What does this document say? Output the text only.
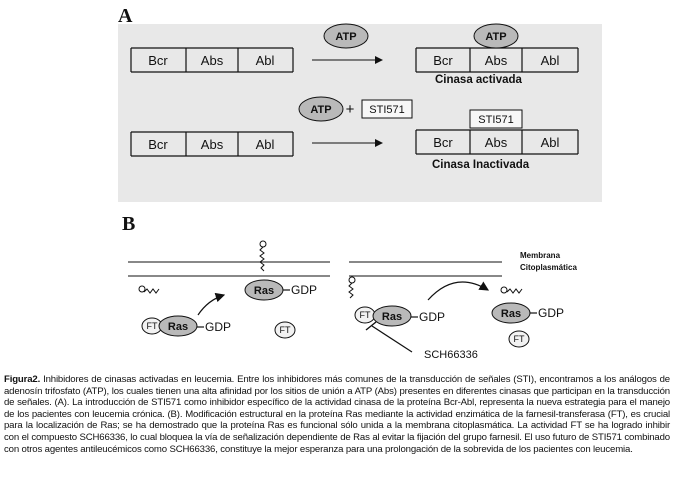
A
Bcr	Abs Abl
ATP
Bcr Abs	Abl
ATP
Cinasa activada
Bcr	Abs Abl
ATP + STI571
STI571
Bcr Abs	Abl
Cinasa Inactivada
B
Membrana
Citoplasmática
FT Ras GDP
Ras GDP
FT
FT Ras GDP
SCH66336
Ras GDP
FT
Figura2. Inhibidores de cinasas activadas en leucemia. Entre los inhibidores más comunes de la transducción de señales (STI), encontramos a los análogos de adenosín trifosfato (ATP), los cuales tienen una alta afinidad por los sitios de unión a ATP (Abs) presentes en diferentes cinasas que participan en la transducción de señales. (A). La introducción de STI571 como inhibidor específico de la actividad cinasa de la proteína Bcr-Abl, representa la nueva estrategia para el manejo de los pacientes con leucemia crónica. (B). Modificación estructural en la proteína Ras mediante la actividad enzimática de la farnesil-transferasa (FT), es crucial para la localización de Ras; se ha demostrado que la proteína Ras es funcional sólo unida a la membrana citoplasmática. La actividad FT se ha logrado inhibir con el compuesto SCH66336, lo cual bloquea la vía de señalización dependiente de Ras al evitar la fijación del grupo farnesil. El uso futuro de STI571 combinado con otros agentes antileucémicos como SCH66336, constituye la mejor esperanza para una prolongación de la sobrevida de los pacientes con leucemia.
